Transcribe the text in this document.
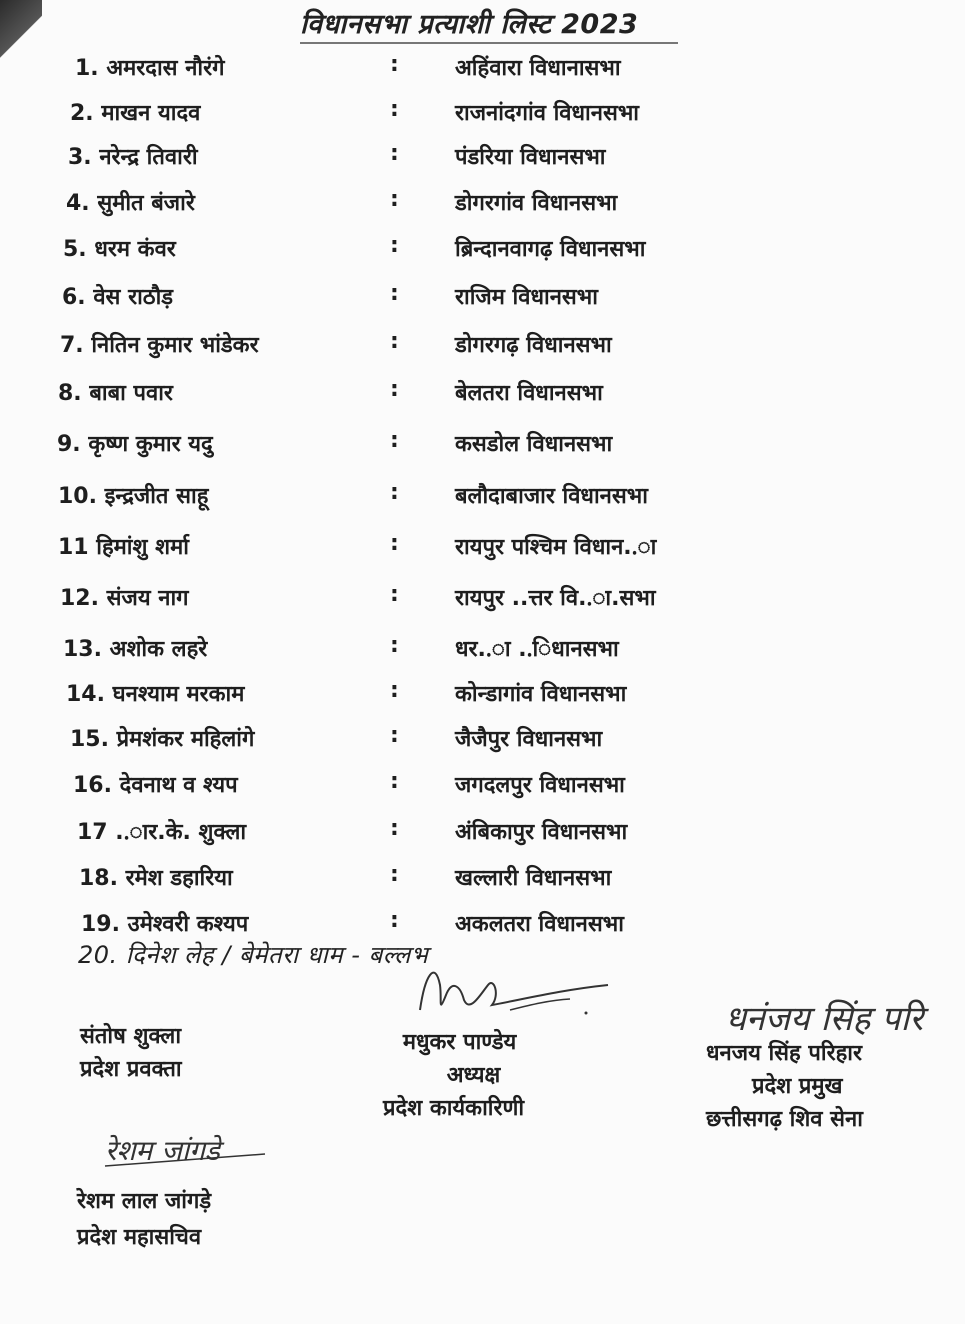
विधानसभा प्रत्याशी लिस्ट 2023
1. अमरदास नौरंगे	:	अहिंवारा विधानासभा
2. माखन यादव	:	राजनांदगांव विधानसभा
3. नरेन्द्र तिवारी	:	पंडरिया विधानसभा
4. सुमीत बंजारे	:	डोगरगांव विधानसभा
5. धरम कंवर	:	ब्रिन्दानवागढ़ विधानसभा
6. वेस राठौड़	:	राजिम विधानसभा
7. नितिन कुमार भांडेकर	:	डोगरगढ़ विधानसभा
8. बाबा पवार	:	बेलतरा विधानसभा
9. कृष्ण कुमार यदु	:	कसडोल विधानसभा
10. इन्द्रजीत साहू	:	बलौदाबाजार विधानसभा
11 हिमांशु शर्मा	:	रायपुर पश्चिम विधान..ा
12. संजय नाग	:	रायपुर ..त्तर वि..ा.सभा
13. अशोक लहरे	:	धर..ा ..िधानसभा
14. घनश्याम मरकाम	:	कोन्डागांव विधानसभा
15. प्रेमशंकर महिलांगे	:	जैजैपुर विधानसभा
16. देवनाथ व श्यप	:	जगदलपुर विधानसभा
17 ..ार.के. शुक्ला	:	अंबिकापुर विधानसभा
18. रमेश डहारिया	:	खल्लारी विधानसभा
19. उमेश्वरी कश्यप	:	अकलतरा विधानसभा
20. दिनेश लेह / बेमेतरा धाम - बल्लभ
धनंजय सिंह परि
रेशम जांगडे
संतोष शुक्ला
प्रदेश प्रवक्ता
मधुकर पाण्डेय
अध्यक्ष
प्रदेश कार्यकारिणी
धनजय सिंह परिहार
प्रदेश प्रमुख
छत्तीसगढ़ शिव सेना
रेशम लाल जांगड़े
प्रदेश महासचिव
